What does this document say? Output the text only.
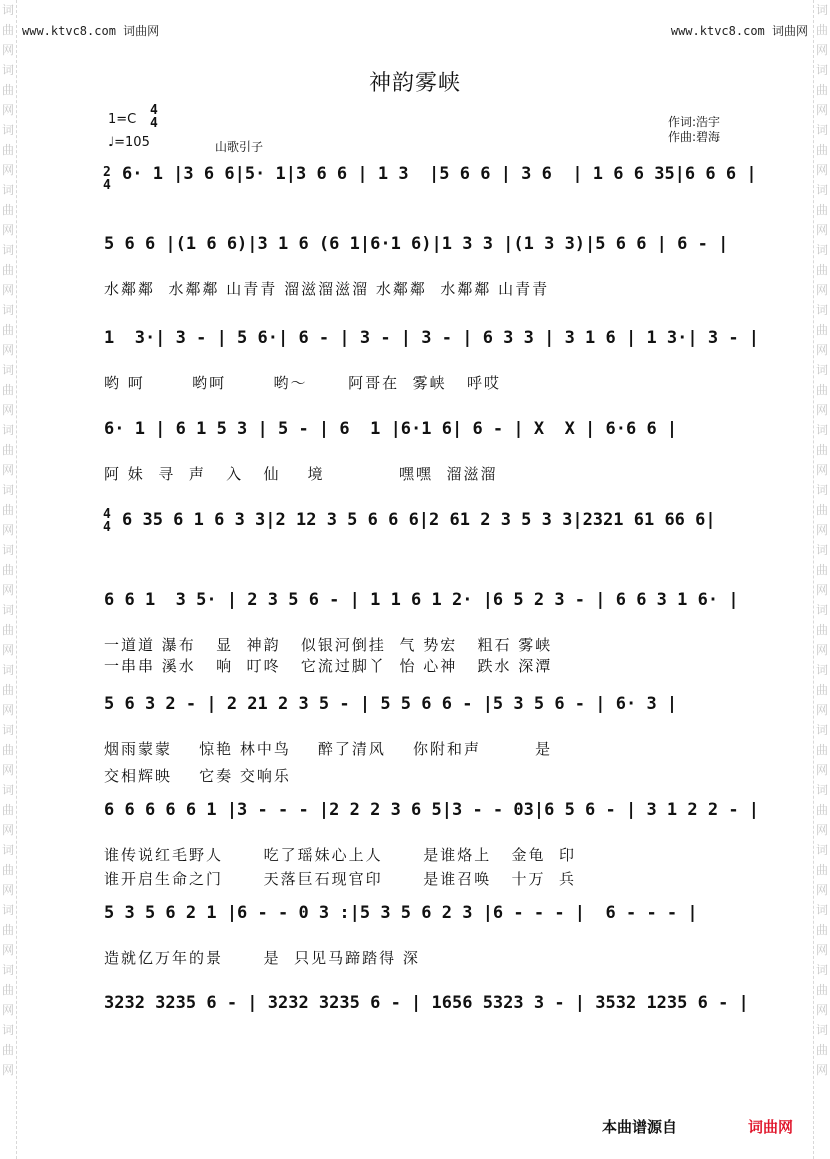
词曲网词曲网词曲网词曲网词曲网词曲网词曲网词曲网词曲网词曲网词曲网词曲网词曲网词曲网词曲网词曲网词曲网词曲网
词曲网词曲网词曲网词曲网词曲网词曲网词曲网词曲网词曲网词曲网词曲网词曲网词曲网词曲网词曲网词曲网词曲网词曲网
www.ktvc8.com 词曲网	www.ktvc8.com 词曲网
神韵雾峡
1=C
4
4
♩=105	山歌引子
作词:浩宇
作曲:碧海
2
4
4
4
6· 1 |3 6 6|5· 1|3 6 6 | 1 3  |5 6 6 | 3 6  | 1 6 6 35|6 6 6 |
5 6 6 |(1 6 6)|3 1 6 (6 1|6·1 6)|1 3 3 |(1 3 3)|5 6 6 | 6 - |
水鄰鄰  水鄰鄰 山青青 溜滋溜滋溜 水鄰鄰  水鄰鄰 山青青
1  3·| 3 - | 5 6·| 6 - | 3 - | 3 - | 6 3 3 | 3 1 6 | 1 3·| 3 - |
哟 呵       哟呵       哟～      阿哥在  雾峡   呼哎
6· 1 | 6 1 5 3 | 5 - | 6  1 |6·1 6| 6 - | X  X | 6·6 6 |
阿 妹  寻  声   入   仙    境           嘿嘿  溜滋溜
6 35 6 1 6 3 3|2 12 3 5 6 6 6|2 61 2 3 5 3 3|2321 61 66 6|
6 6 1  3 5· | 2 3 5 6 - | 1 1 6 1 2· |6 5 2 3 - | 6 6 3 1 6· |
一道道 瀑布   显  神韵   似银河倒挂  气 势宏   粗石 雾峡
一串串 溪水   响  叮咚   它流过脚丫  怡 心神   跌水 深潭
5 6 3 2 - | 2 21 2 3 5 - | 5 5 6 6 - |5 3 5 6 - | 6· 3 |
烟雨蒙蒙    惊艳 林中鸟    醉了清风    你附和声        是
交相辉映    它奏 交响乐
6 6 6 6 6 1 |3 - - - |2 2 2 3 6 5|3 - - 03|6 5 6 - | 3 1 2 2 - |
谁传说红毛野人      吃了瑶妹心上人      是谁烙上   金龟  印
谁开启生命之门      天落巨石现官印      是谁召唤   十万  兵
5 3 5 6 2 1 |6 - - 0 3 :|5 3 5 6 2 3 |6 - - - |  6 - - - |
造就亿万年的景      是  只见马蹄踏得 深
3232 3235 6 - | 3232 3235 6 - | 1656 5323 3 - | 3532 1235 6 - |
本曲谱源自	词曲网
